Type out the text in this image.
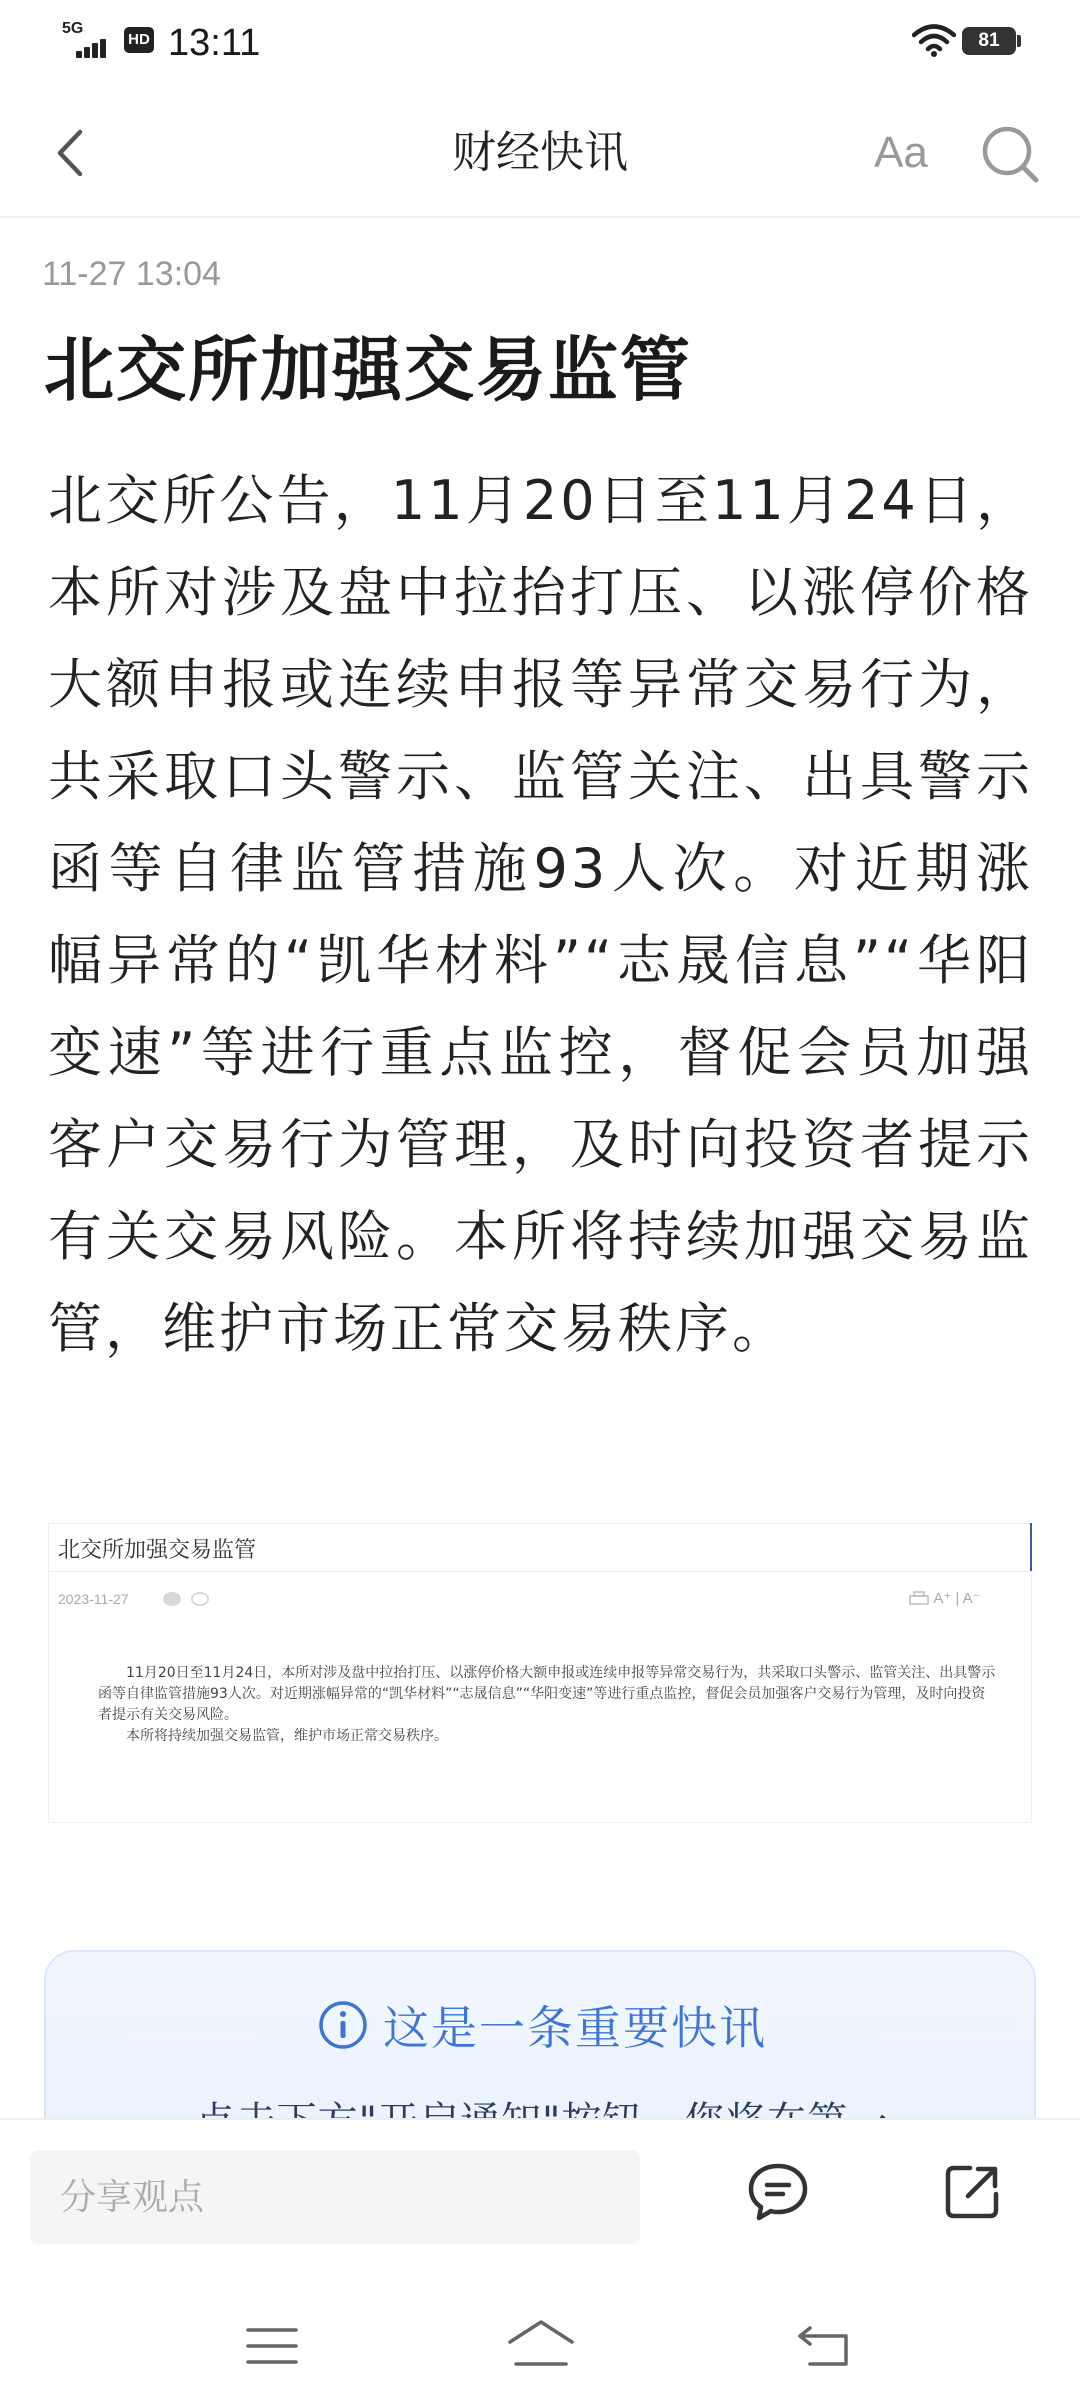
5G
HD 13:11	81
财经快讯	Aa
11-27 13:04
北交所加强交易监管
北交所公告，11月20日至11月24日，本所对涉及盘中拉抬打压、以涨停价格大额申报或连续申报等异常交易行为，共采取口头警示、监管关注、出具警示函等自律监管措施93人次。对近期涨幅异常的“凯华材料”“志晟信息”“华阳变速”等进行重点监控，督促会员加强客户交易行为管理，及时向投资者提示有关交易风险。本所将持续加强交易监管，维护市场正常交易秩序。
北交所加强交易监管
2023-11-27	A⁺ | A⁻

11月20日至11月24日，本所对涉及盘中拉抬打压、以涨停价格大额申报或连续申报等异常交易行为，共采取口头警示、监管关注、出具警示函等自律监管措施93人次。对近期涨幅异常的“凯华材料”“志晟信息”“华阳变速”等进行重点监控，督促会员加强客户交易行为管理，及时向投资者提示有关交易风险。

本所将持续加强交易监管，维护市场正常交易秩序。

这是一条重要快讯
分享观点
